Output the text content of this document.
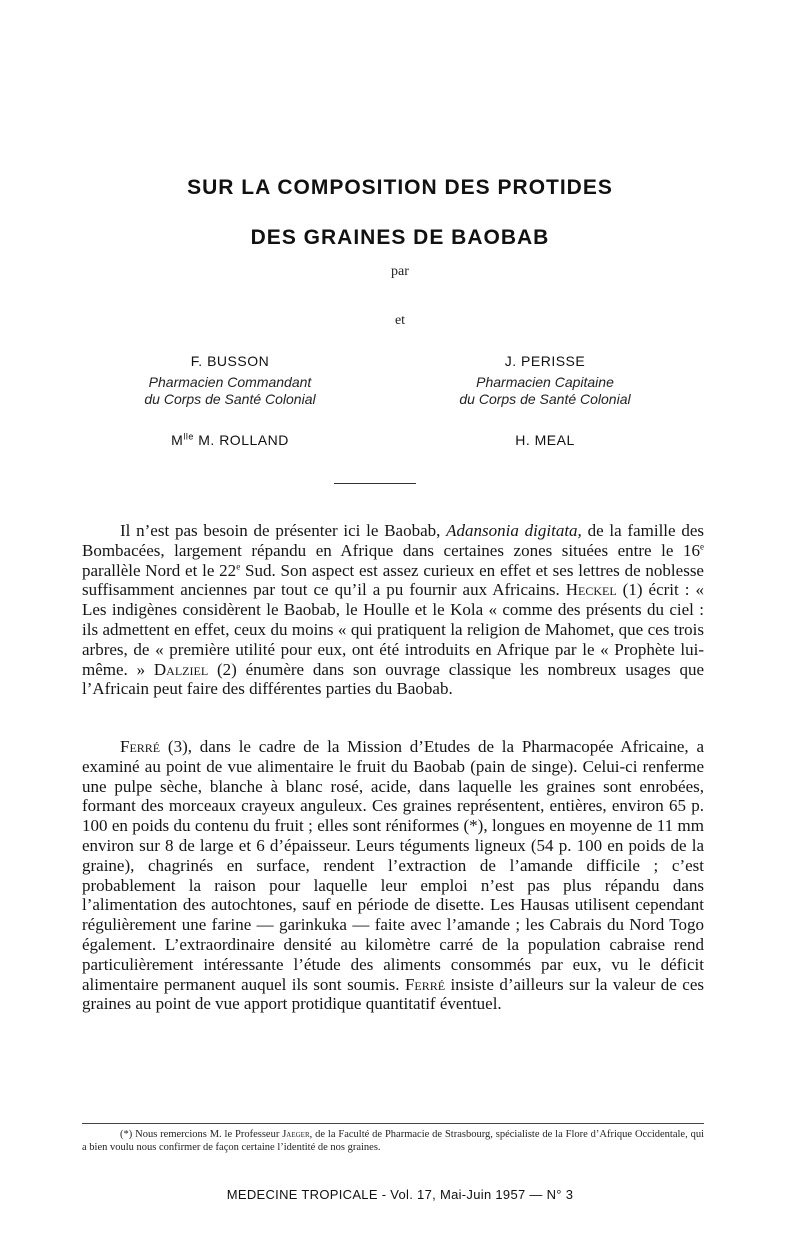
SUR LA COMPOSITION DES PROTIDES
DES GRAINES DE BAOBAB
par
et
F. BUSSON
Pharmacien Commandant
du Corps de Santé Colonial
J. PERISSE
Pharmacien Capitaine
du Corps de Santé Colonial
$M^{lle}$ M. ROLLAND	H. MEAL

Il n’est pas besoin de présenter ici le Baobab, Adansonia digitata, de la famille des Bombacées, largement répandu en Afrique dans certaines zones situées entre le 16e parallèle Nord et le 22e Sud. Son aspect est assez curieux en effet et ses lettres de noblesse suffisamment anciennes par tout ce qu’il a pu fournir aux Africains. Heckel (1) écrit : « Les indigènes considèrent le Baobab, le Houlle et le Kola « comme des présents du ciel : ils admettent en effet, ceux du moins « qui pratiquent la religion de Mahomet, que ces trois arbres, de « première utilité pour eux, ont été introduits en Afrique par le « Prophète lui-même. » Dalziel (2) énumère dans son ouvrage classique les nombreux usages que l’Africain peut faire des différentes parties du Baobab.

Ferré (3), dans le cadre de la Mission d’Etudes de la Pharmacopée Africaine, a examiné au point de vue alimentaire le fruit du Baobab (pain de singe). Celui-ci renferme une pulpe sèche, blanche à blanc rosé, acide, dans laquelle les graines sont enrobées, formant des morceaux crayeux anguleux. Ces graines représentent, entières, environ 65 p. 100 en poids du contenu du fruit ; elles sont réniformes (*), longues en moyenne de 11 mm environ sur 8 de large et 6 d’épaisseur. Leurs téguments ligneux (54 p. 100 en poids de la graine), chagrinés en surface, rendent l’extraction de l’amande difficile ; c’est probablement la raison pour laquelle leur emploi n’est pas plus répandu dans l’alimentation des autochtones, sauf en période de disette. Les Hausas utilisent cependant régulièrement une farine — garinkuka — faite avec l’amande ; les Cabrais du Nord Togo également. L’extraordinaire densité au kilomètre carré de la population cabraise rend particulièrement intéressante l’étude des aliments consommés par eux, vu le déficit alimentaire permanent auquel ils sont soumis. Ferré insiste d’ailleurs sur la valeur de ces graines au point de vue apport protidique quantitatif éventuel.

(*) Nous remercions M. le Professeur Jaeger, de la Faculté de Pharmacie de Strasbourg, spécialiste de la Flore d’Afrique Occidentale, qui a bien voulu nous confirmer de façon certaine l’identité de nos graines.
MEDECINE TROPICALE - Vol. 17, Mai-Juin 1957 — N° 3
